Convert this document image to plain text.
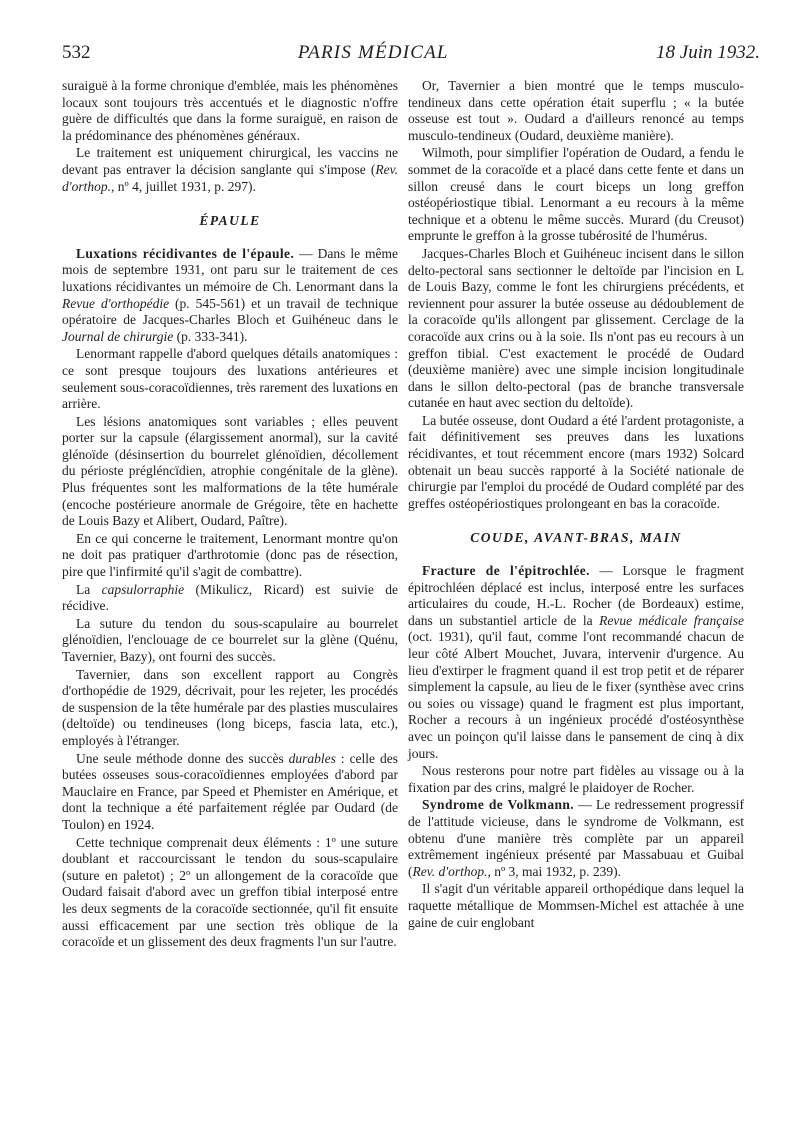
532	PARIS MÉDICAL	18 Juin 1932.

suraiguë à la forme chronique d'emblée, mais les phénomènes locaux sont toujours très accentués et le diagnostic n'offre guère de difficultés que dans la forme suraiguë, en raison de la prédominance des phénomènes généraux.

Le traitement est uniquement chirurgical, les vaccins ne devant pas entraver la décision sanglante qui s'impose (Rev. d'orthop., nº 4, juillet 1931, p. 297).

ÉPAULE

Luxations récidivantes de l'épaule. — Dans le même mois de septembre 1931, ont paru sur le traitement de ces luxations récidivantes un mémoire de Ch. Lenormant dans la Revue d'orthopédie (p. 545-561) et un travail de technique opératoire de Jacques-Charles Bloch et Guihéneuc dans le Journal de chirurgie (p. 333-341).

Lenormant rappelle d'abord quelques détails anatomiques : ce sont presque toujours des luxations antérieures et seulement sous-coracoïdiennes, très rarement des luxations en arrière.

Les lésions anatomiques sont variables ; elles peuvent porter sur la capsule (élargissement anormal), sur la cavité glénoïde (désinsertion du bourrelet glénoïdien, décollement du périoste prégléncïdien, atrophie congénitale de la glène). Plus fréquentes sont les malformations de la tête humérale (encoche postérieure anormale de Grégoire, tête en hachette de Louis Bazy et Alibert, Oudard, Paître).

En ce qui concerne le traitement, Lenormant montre qu'on ne doit pas pratiquer d'arthrotomie (donc pas de résection, pire que l'infirmité qu'il s'agit de combattre).

La capsulorraphie (Mikulicz, Ricard) est suivie de récidive.

La suture du tendon du sous-scapulaire au bourrelet glénoïdien, l'enclouage de ce bourrelet sur la glène (Quénu, Tavernier, Bazy), ont fourni des succès.

Tavernier, dans son excellent rapport au Congrès d'orthopédie de 1929, décrivait, pour les rejeter, les procédés de suspension de la tête humérale par des plasties musculaires (deltoïde) ou tendineuses (long biceps, fascia lata, etc.), employés à l'étranger.

Une seule méthode donne des succès durables : celle des butées osseuses sous-coracoïdiennes employées d'abord par Mauclaire en France, par Speed et Phemister en Amérique, et dont la technique a été parfaitement réglée par Oudard (de Toulon) en 1924.

Cette technique comprenait deux éléments : 1º une suture doublant et raccourcissant le tendon du sous-scapulaire (suture en paletot) ; 2º un allongement de la coracoïde que Oudard faisait d'abord avec un greffon tibial interposé entre les deux segments de la coracoïde sectionnée, qu'il fit ensuite aussi efficacement par une section très oblique de la coracoïde et un glissement des deux fragments l'un sur l'autre.

Or, Tavernier a bien montré que le temps musculo-tendineux dans cette opération était superflu ; « la butée osseuse est tout ». Oudard a d'ailleurs renoncé au temps musculo-tendineux (Oudard, deuxième manière).

Wilmoth, pour simplifier l'opération de Oudard, a fendu le sommet de la coracoïde et a placé dans cette fente et dans un sillon creusé dans le court biceps un long greffon ostéopériostique tibial. Lenormant a eu recours à la même technique et a obtenu le même succès. Murard (du Creusot) emprunte le greffon à la grosse tubérosité de l'humérus.

Jacques-Charles Bloch et Guihéneuc incisent dans le sillon delto-pectoral sans sectionner le deltoïde par l'incision en L de Louis Bazy, comme le font les chirurgiens précédents, et reviennent pour assurer la butée osseuse au dédoublement de la coracoïde qu'ils allongent par glissement. Cerclage de la coracoïde aux crins ou à la soie. Ils n'ont pas eu recours à un greffon tibial. C'est exactement le procédé de Oudard (deuxième manière) avec une simple incision longitudinale dans le sillon delto-pectoral (pas de branche transversale cutanée en haut avec section du deltoïde).

La butée osseuse, dont Oudard a été l'ardent protagoniste, a fait définitivement ses preuves dans les luxations récidivantes, et tout récemment encore (mars 1932) Solcard obtenait un beau succès rapporté à la Société nationale de chirurgie par l'emploi du procédé de Oudard complété par des greffes ostéopériostiques prolongeant en bas la coracoïde.

COUDE, AVANT-BRAS, MAIN

Fracture de l'épitrochlée. — Lorsque le fragment épitrochléen déplacé est inclus, interposé entre les surfaces articulaires du coude, H.-L. Rocher (de Bordeaux) estime, dans un substantiel article de la Revue médicale française (oct. 1931), qu'il faut, comme l'ont recommandé chacun de leur côté Albert Mouchet, Juvara, intervenir d'urgence. Au lieu d'extirper le fragment quand il est trop petit et de réparer simplement la capsule, au lieu de le fixer (synthèse avec crins ou soies ou vissage) quand le fragment est plus important, Rocher a recours à un ingénieux procédé d'ostéosynthèse avec un poinçon qu'il laisse dans le pansement de cinq à dix jours.

Nous resterons pour notre part fidèles au vissage ou à la fixation par des crins, malgré le plaidoyer de Rocher.

Syndrome de Volkmann. — Le redressement progressif de l'attitude vicieuse, dans le syndrome de Volkmann, est obtenu d'une manière très complète par un appareil extrêmement ingénieux présenté par Massabuau et Guibal (Rev. d'orthop., nº 3, mai 1932, p. 239).

Il s'agit d'un véritable appareil orthopédique dans lequel la raquette métallique de Mommsen-Michel est attachée à une gaine de cuir englobant
